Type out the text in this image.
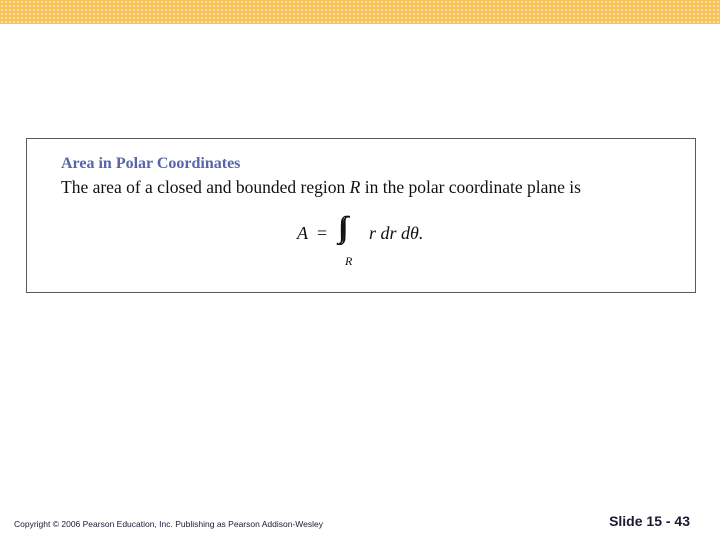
Area in Polar Coordinates
The area of a closed and bounded region R in the polar coordinate plane is
A = ∫∫
R
r dr dθ.
Copyright © 2006 Pearson Education, Inc. Publishing as Pearson Addison-Wesley	Slide 15 - 43
